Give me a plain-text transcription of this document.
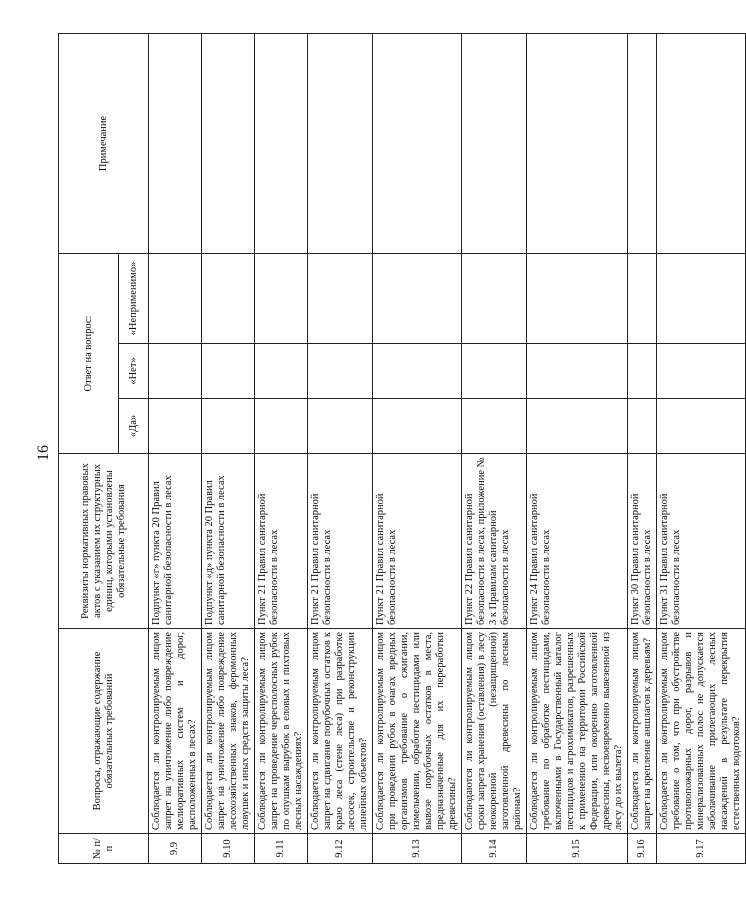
16
№ п/п	Вопросы, отражающие содержание обязательных требований	Реквизиты нормативных правовых актов с указанием их структурных единиц, которыми установлены обязательные требования	Ответ на вопрос:			Примечание
			«Да»	«Нет»	«Неприменимо»	
9.9	Соблюдается ли контролируемым лицом запрет на уничтожение либо повреждение мелиоративных систем и дорог, расположенных в лесах?	Подпункт «г» пункта 20 Правил санитарной безопасности в лесах				
9.10	Соблюдается ли контролируемым лицом запрет на уничтожение либо повреждение лесохозяйственных знаков, феромонных ловушек и иных средств защиты леса?	Подпункт «д» пункта 20 Правил санитарной безопасности в лесах				
9.11	Соблюдается ли контролируемым лицом запрет на проведение чересполосных рубок по опушкам вырубок в еловых и пихтовых лесных насаждениях?	Пункт 21 Правил санитарной безопасности в лесах				
9.12	Соблюдается ли контролируемым лицом запрет на сдвигание порубочных остатков к краю леса (стене леса) при разработке лесосек, строительстве и реконструкции линейных объектов?	Пункт 21 Правил санитарной безопасности в лесах				
9.13	Соблюдается ли контролируемым лицом при проведении рубок в очагах вредных организмов требование о сжигании, измельчении, обработке пестицидами или вывозе порубочных остатков в места, предназначенные для их переработки древесины?	Пункт 21 Правил санитарной безопасности в лесах				
9.14	Соблюдаются ли контролируемым лицом сроки запрета хранения (оставления) в лесу неокоренной (незащищенной) заготовленной древесины по лесным районам?	Пункт 22 Правил санитарной безопасности в лесах, приложение № 3 к Правилам санитарной безопасности в лесах				
9.15	Соблюдается ли контролируемым лицом требование по обработке пестицидами, включенными в Государственный каталог пестицидов и агрохимикатов, разрешенных к применению на территории Российской Федерации, или окорению заготовленной древесины, несвоевременно вывезенной из лесу до их вылета?	Пункт 24 Правил санитарной безопасности в лесах				
9.16	Соблюдается ли контролируемым лицом запрет на крепление аншлагов к деревьям?	Пункт 30 Правил санитарной безопасности в лесах				
9.17	Соблюдается ли контролируемым лицом требование о том, что при обустройстве противопожарных дорог, разрывов и минерализованных полос не допускается заболачивание прилегающих лесных насаждений в результате перекрытия естественных водотоков?	Пункт 31 Правил санитарной безопасности в лесах				
